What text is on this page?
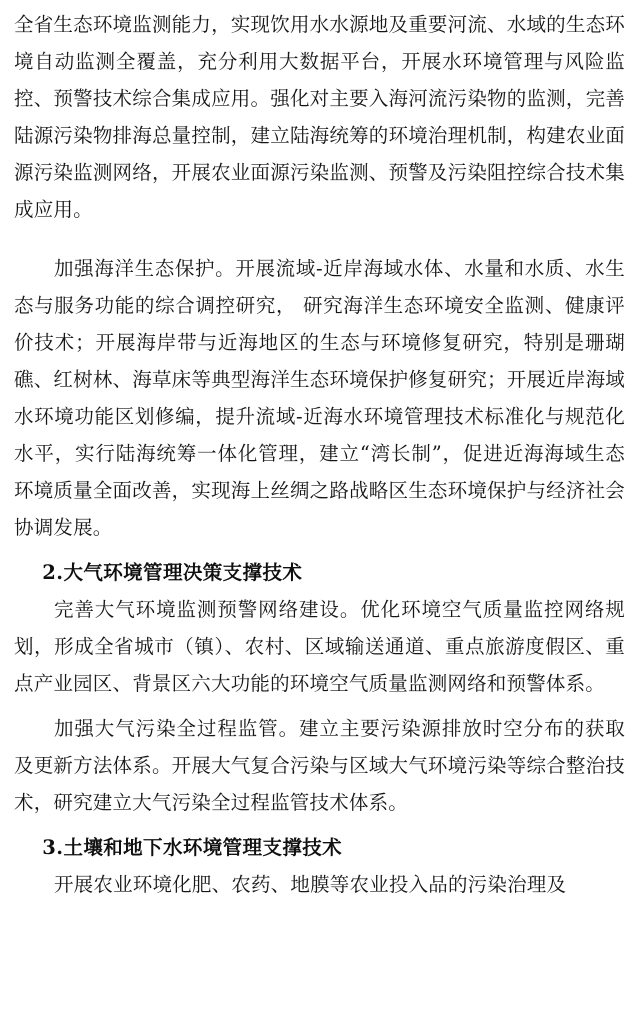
全省生态环境监测能力，实现饮用水水源地及重要河流、水域的生态环境自动监测全覆盖，充分利用大数据平台，开展水环境管理与风险监控、预警技术综合集成应用。强化对主要入海河流污染物的监测，完善陆源污染物排海总量控制，建立陆海统筹的环境治理机制，构建农业面源污染监测网络，开展农业面源污染监测、预警及污染阻控综合技术集成应用。

加强海洋生态保护。开展流域-近岸海域水体、水量和水质、水生态与服务功能的综合调控研究， 研究海洋生态环境安全监测、健康评价技术；开展海岸带与近海地区的生态与环境修复研究，特别是珊瑚礁、红树林、海草床等典型海洋生态环境保护修复研究；开展近岸海域水环境功能区划修编，提升流域-近海水环境管理技术标准化与规范化水平，实行陆海统筹一体化管理，建立“湾长制”，促进近海海域生态环境质量全面改善，实现海上丝绸之路战略区生态环境保护与经济社会协调发展。

2.大气环境管理决策支撑技术

完善大气环境监测预警网络建设。优化环境空气质量监控网络规划，形成全省城市（镇）、农村、区域输送通道、重点旅游度假区、重点产业园区、背景区六大功能的环境空气质量监测网络和预警体系。

加强大气污染全过程监管。建立主要污染源排放时空分布的获取及更新方法体系。开展大气复合污染与区域大气环境污染等综合整治技术，研究建立大气污染全过程监管技术体系。

3.土壤和地下水环境管理支撑技术

开展农业环境化肥、农药、地膜等农业投入品的污染治理及
